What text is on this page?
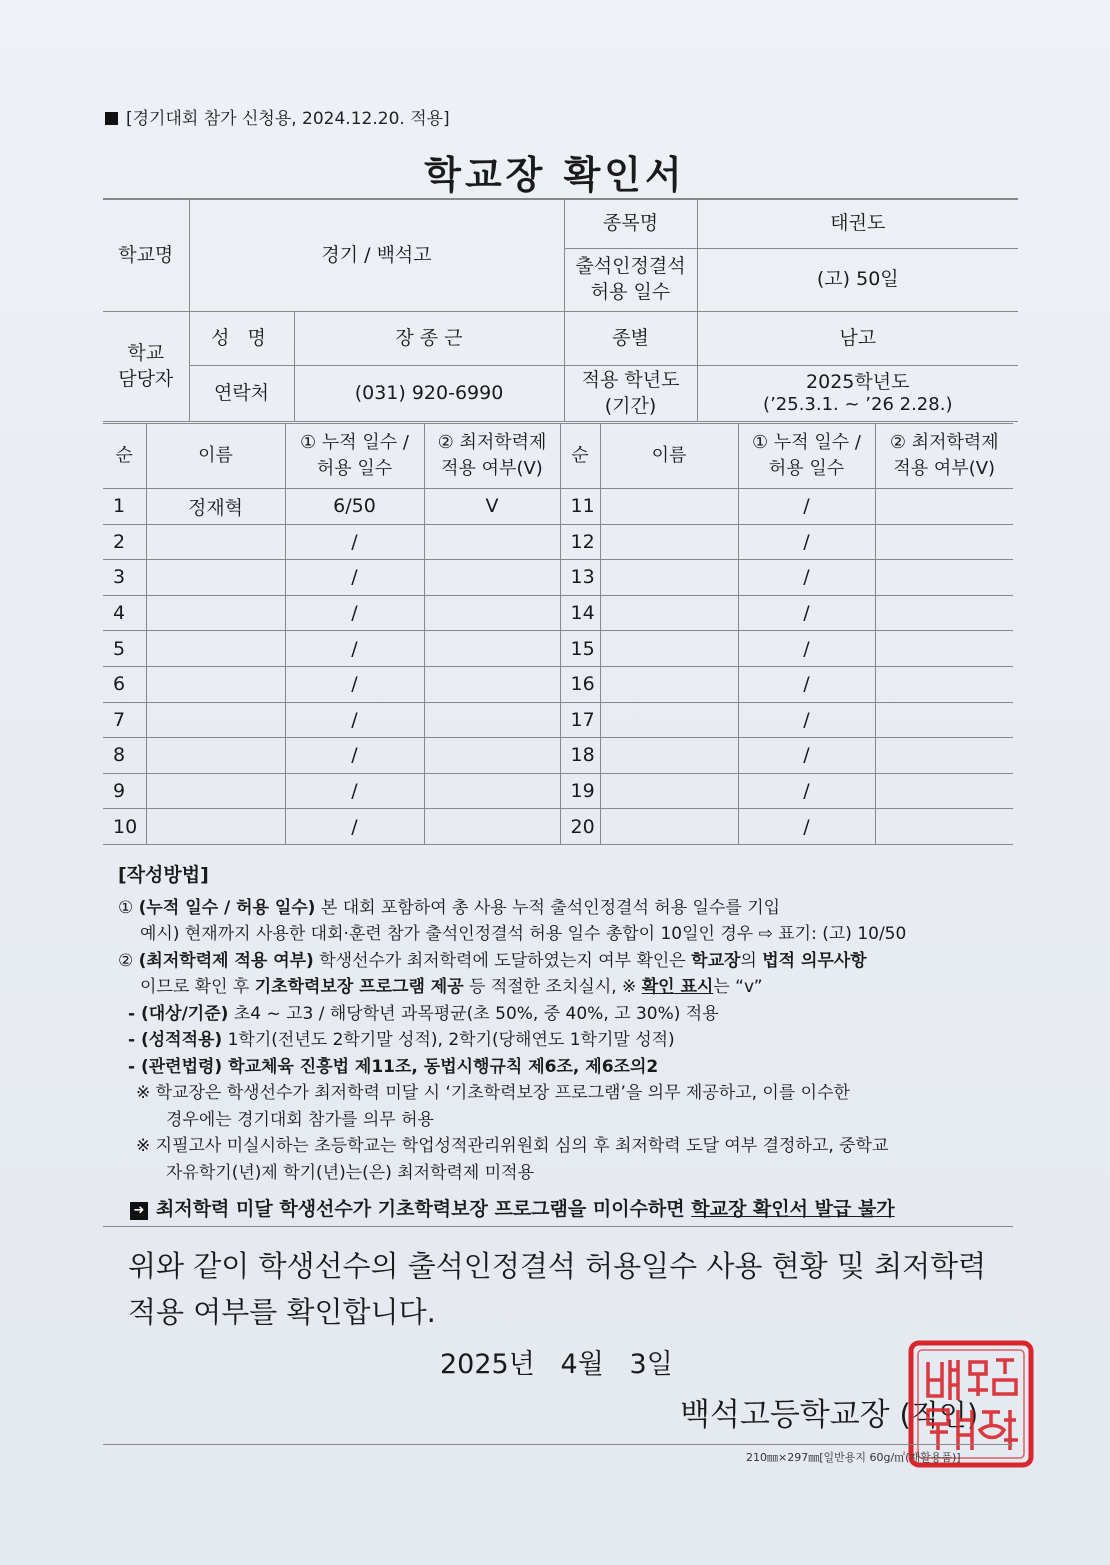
[경기대회 참가 신청용, 2024.12.20. 적용]
학교장 확인서
학교명	경기 / 백석고		종목명	태권도

			출석인정결석 허용 일수	(고) 50일

학교 담당자	성 명	장 종 근	종별	남고
	연락처	(031) 920-6990	적용 학년도 (기간)	2025학년도
(’25.3.1. ~ ’26 2.28.)
순	이름	① 누적 일수 / 허용 일수	② 최저학력제 적용 여부(V)	순	이름	① 누적 일수 / 허용 일수	② 최저학력제 적용 여부(V)

1	정재혁	6/50	V	11		/	
2		/		12		/	
3		/		13		/	
4		/		14		/	
5		/		15		/	
6		/		16		/	
7		/		17		/	
8		/		18		/	
9		/		19		/	
10		/		20		/	
[작성방법]

① (누적 일수 / 허용 일수) 본 대회 포함하여 총 사용 누적 출석인정결석 허용 일수를 기입

예시) 현재까지 사용한 대회·훈련 참가 출석인정결석 허용 일수 총합이 10일인 경우 ⇨ 표기: (고) 10/50

② (최저학력제 적용 여부) 학생선수가 최저학력에 도달하였는지 여부 확인은 학교장의 법적 의무사항

이므로 확인 후 기초학력보장 프로그램 제공 등 적절한 조치실시, ※ 확인 표시는 “v”

- (대상/기준) 초4 ~ 고3 / 해당학년 과목평균(초 50%, 중 40%, 고 30%) 적용

- (성적적용) 1학기(전년도 2학기말 성적), 2학기(당해연도 1학기말 성적)

- (관련법령) 학교체육 진흥법 제11조, 동법시행규칙 제6조, 제6조의2

※ 학교장은 학생선수가 최저학력 미달 시 ‘기초학력보장 프로그램’을 의무 제공하고, 이를 이수한

경우에는 경기대회 참가를 의무 허용

※ 지필고사 미실시하는 초등학교는 학업성적관리위원회 심의 후 최저학력 도달 여부 결정하고, 중학교

자유학기(년)제 학기(년)는(은) 최저학력제 미적용

➜ 최저학력 미달 학생선수가 기초학력보장 프로그램을 미이수하면 학교장 확인서 발급 불가
위와 같이 학생선수의 출석인정결석 허용일수 사용 현황 및 최저학력 적용 여부를 확인합니다.
2025년   4월   3일
백석고등학교장 (직인)
210㎜×297㎜[일반용지 60g/㎡(재활용품)]
